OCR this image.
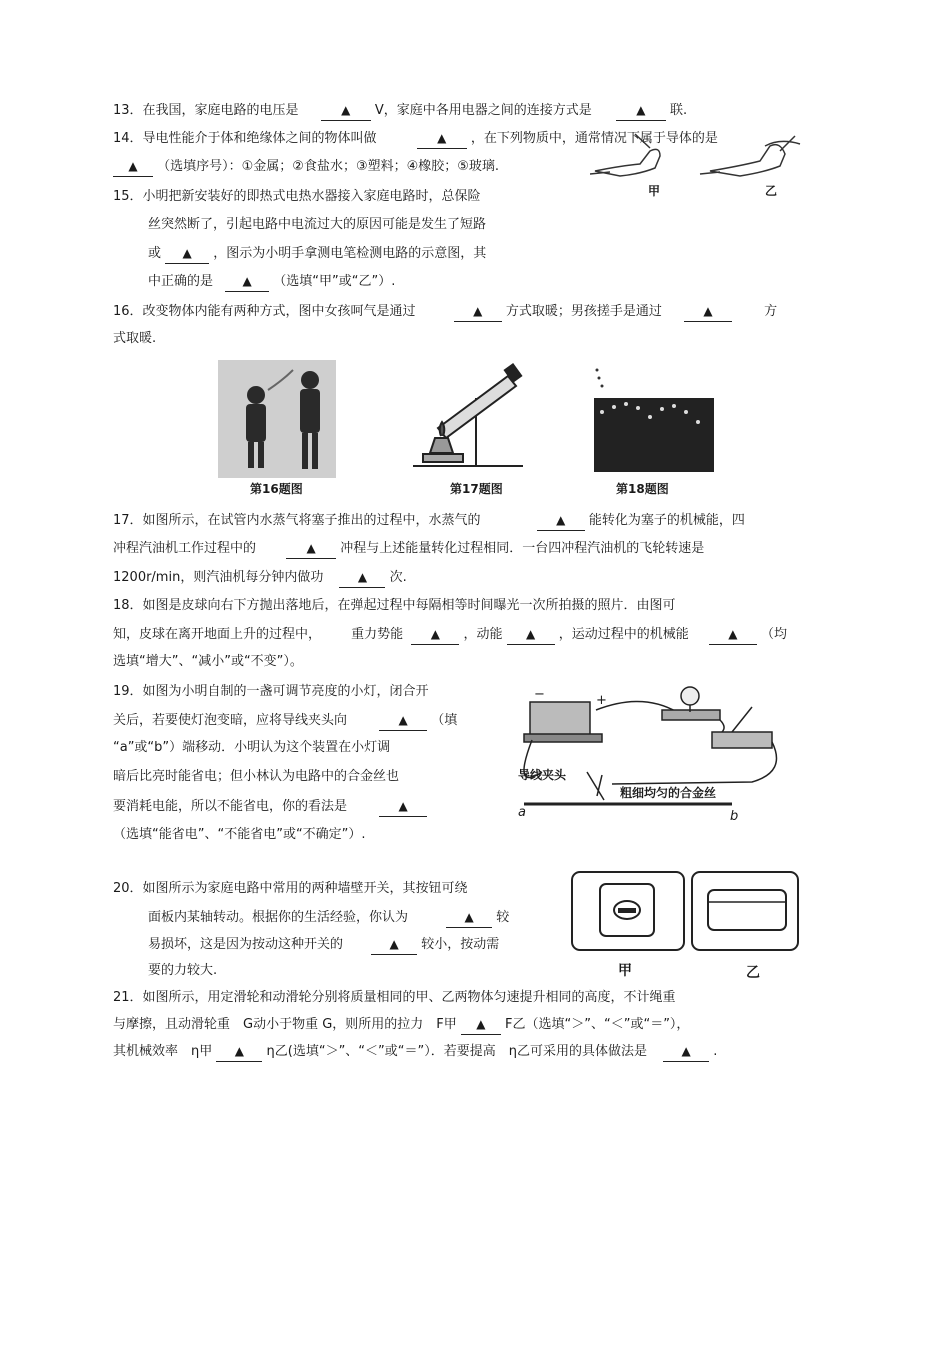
13．在我国，家庭电路的电压是	▲ V，家庭中各用电器之间的连接方式是	▲ 联.
14．导电性能介于体和绝缘体之间的物体叫做	▲ ，在下列物质中，通常情况下属于导体的是
▲ （选填序号）：①金属；②食盐水；③塑料；④橡胶；⑤玻璃.
甲	乙
15．小明把新安装好的即热式电热水器接入家庭电路时，总保险
丝突然断了，引起电路中电流过大的原因可能是发生了短路
或 ▲ ，图示为小明手拿测电笔检测电路的示意图，其
中正确的是 ▲ （选填“甲”或“乙”）.
16．改变物体内能有两种方式，图中女孩呵气是通过	▲ 方式取暖；男孩搓手是通过	▲	方
式取暖.
第16题图	第17题图	第18题图
17．如图所示，在试管内水蒸气将塞子推出的过程中，水蒸气的	▲ 能转化为塞子的机械能，四
冲程汽油机工作过程中的	▲ 冲程与上述能量转化过程相同．一台四冲程汽油机的飞轮转速是
1200r/min，则汽油机每分钟内做功	▲ 次.
18．如图是皮球向右下方抛出落地后，在弹起过程中每隔相等时间曝光一次所拍摄的照片．由图可
知，皮球在离开地面上升的过程中， 重力势能 ▲ ，动能 ▲ ，运动过程中的机械能	▲ （均
选填“增大”、“减小”或“不变”）。
19．如图为小明自制的一盏可调节亮度的小灯，闭合开
关后，若要使灯泡变暗，应将导线夹头向	▲ （填
“a”或“b”）端移动．小明认为这个装置在小灯调
暗后比亮时能省电；但小林认为电路中的合金丝也
要消耗电能，所以不能省电，你的看法是	▲
（选填“能省电”、“不能省电”或“不确定”）.
导线夹头
粗细均匀的合金丝
a	b
−	+
20．如图所示为家庭电路中常用的两种墙壁开关，其按钮可绕
面板内某轴转动。根据你的生活经验，你认为	▲ 较
易损坏，这是因为按动这种开关的	▲ 较小，按动需
要的力较大.	甲	乙
21．如图所示，用定滑轮和动滑轮分别将质量相同的甲、乙两物体匀速提升相同的高度，不计绳重
与摩擦，且动滑轮重　G动小于物重 G，则所用的拉力　F甲 ▲ F乙（选填“＞”、“＜”或“＝”），
其机械效率　η甲 ▲ η乙(选填“＞”、“＜”或“＝”）．若要提高　η乙可采用的具体做法是	▲ .
